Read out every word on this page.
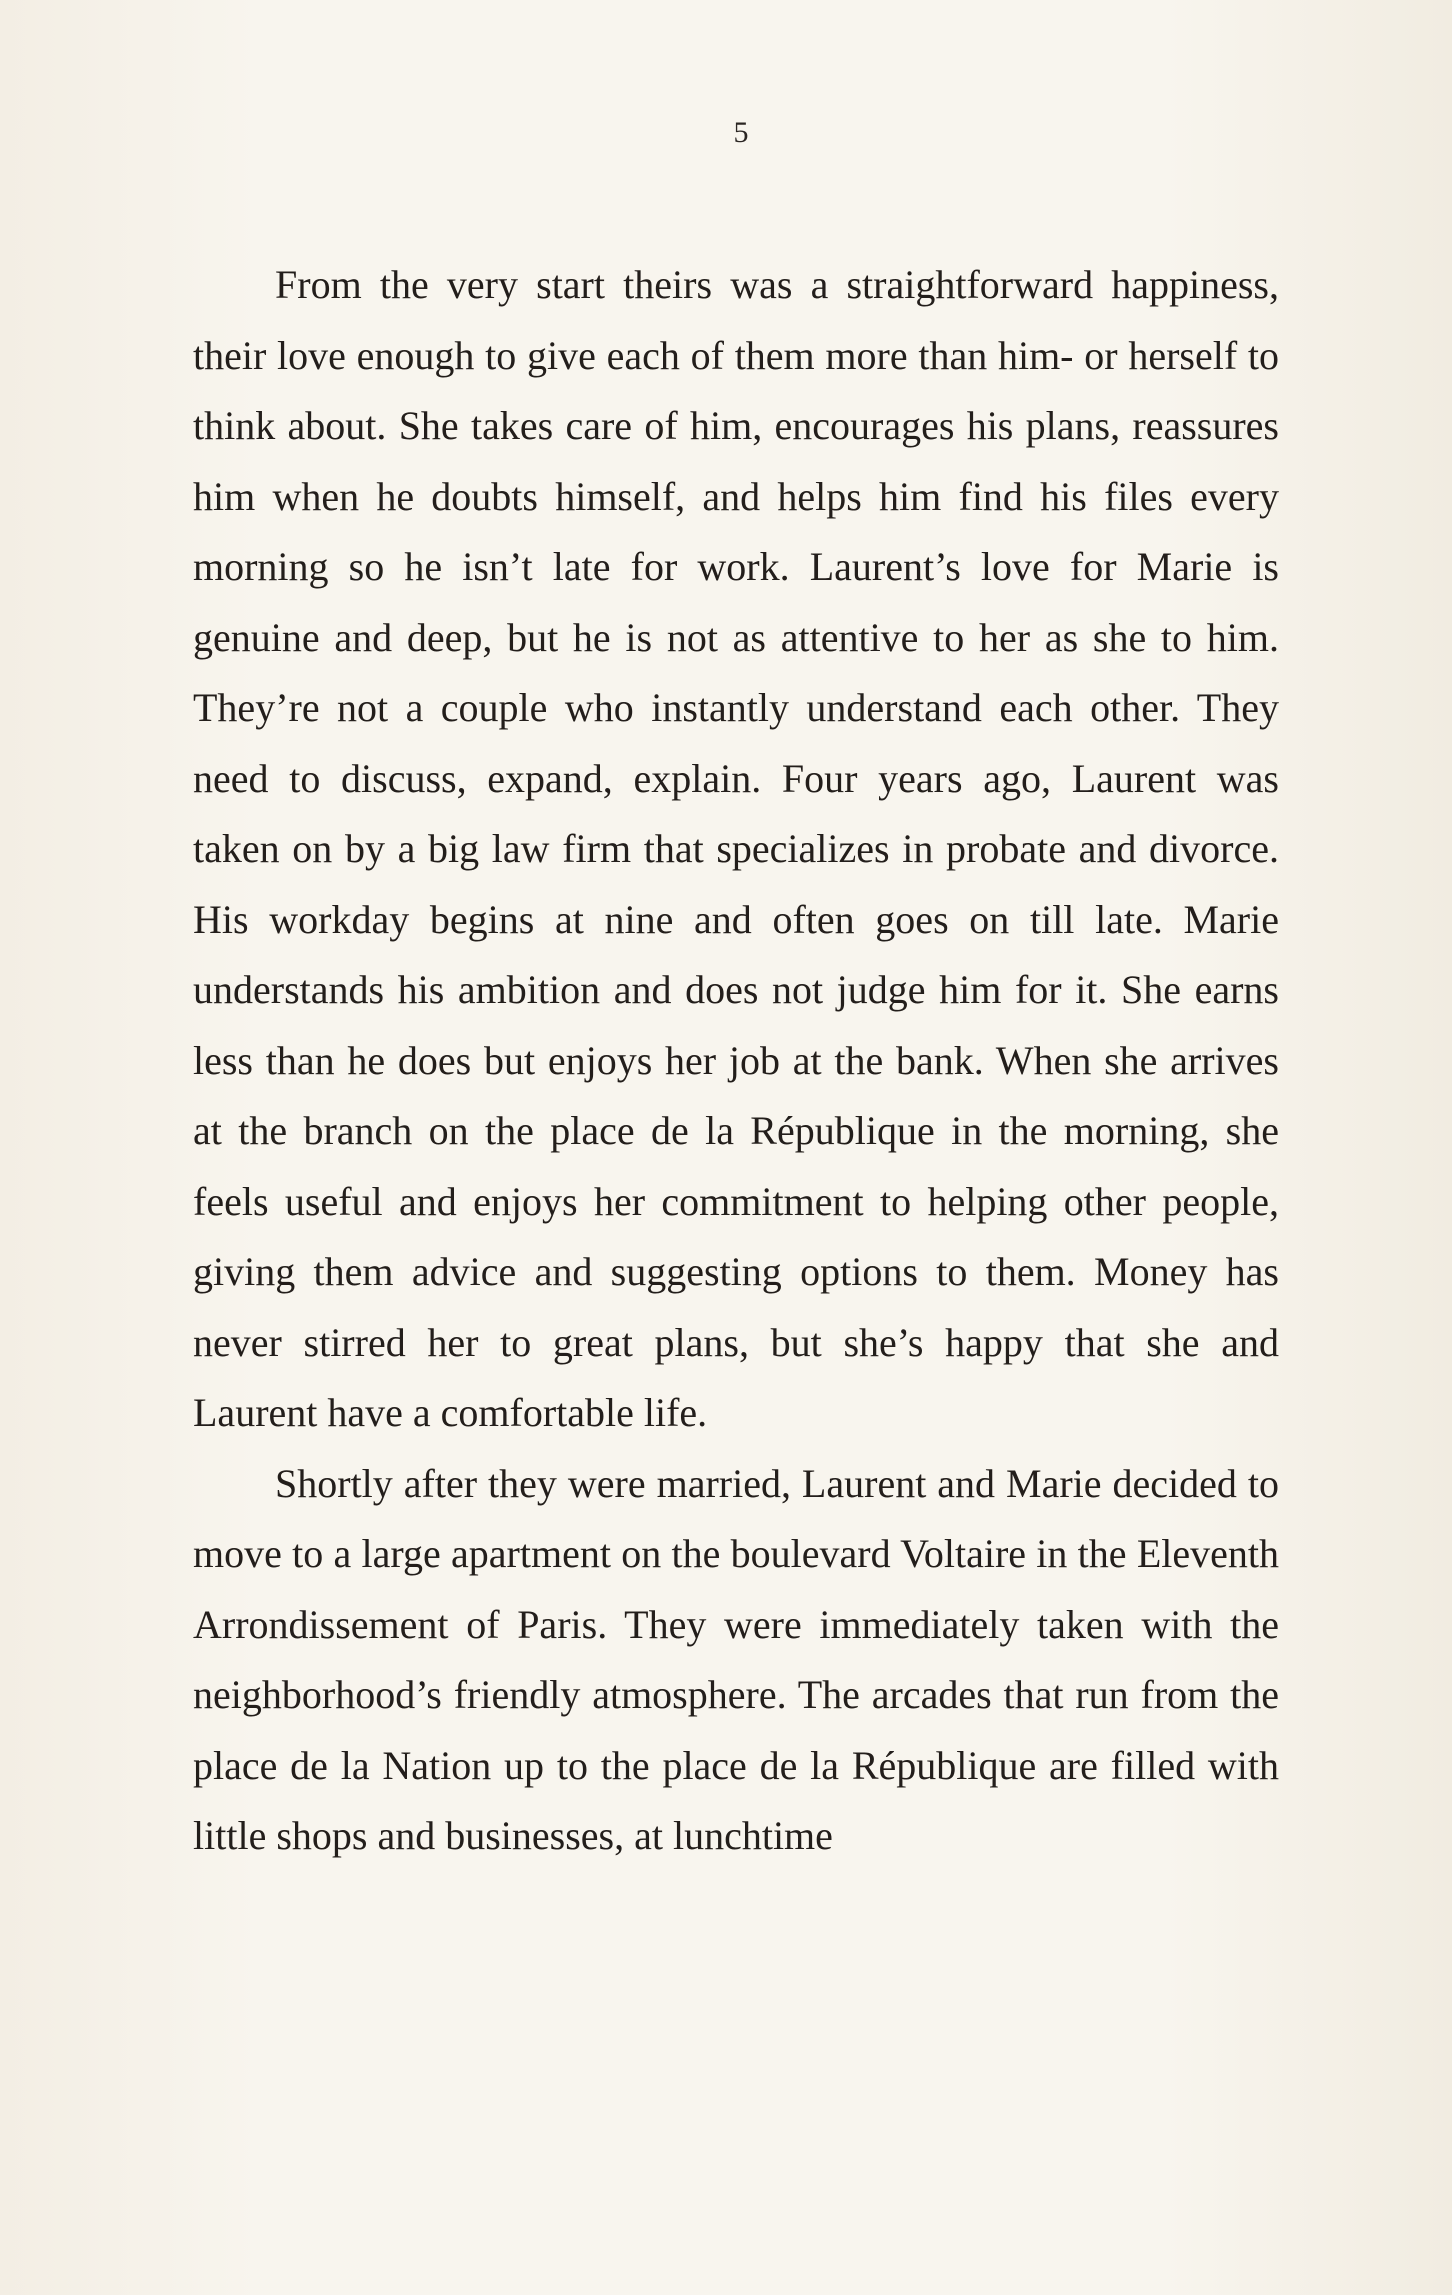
5

From the very start theirs was a straightforward happiness, their love enough to give each of them more than him- or herself to think about. She takes care of him, encourages his plans, reassures him when he doubts himself, and helps him find his files every morning so he isn’t late for work. Laurent’s love for Marie is genuine and deep, but he is not as attentive to her as she to him. They’re not a couple who instantly understand each other. They need to discuss, expand, explain. Four years ago, Laurent was taken on by a big law firm that specializes in probate and divorce. His workday begins at nine and often goes on till late. Marie understands his ambition and does not judge him for it. She earns less than he does but enjoys her job at the bank. When she arrives at the branch on the place de la République in the morning, she feels useful and enjoys her commitment to helping other people, giving them advice and suggesting options to them. Money has never stirred her to great plans, but she’s happy that she and Laurent have a comfortable life.

Shortly after they were married, Laurent and Marie decided to move to a large apartment on the boulevard Voltaire in the Eleventh Arrondissement of Paris. They were immediately taken with the neighborhood’s friendly atmosphere. The arcades that run from the place de la Nation up to the place de la République are filled with little shops and businesses, at lunchtime
